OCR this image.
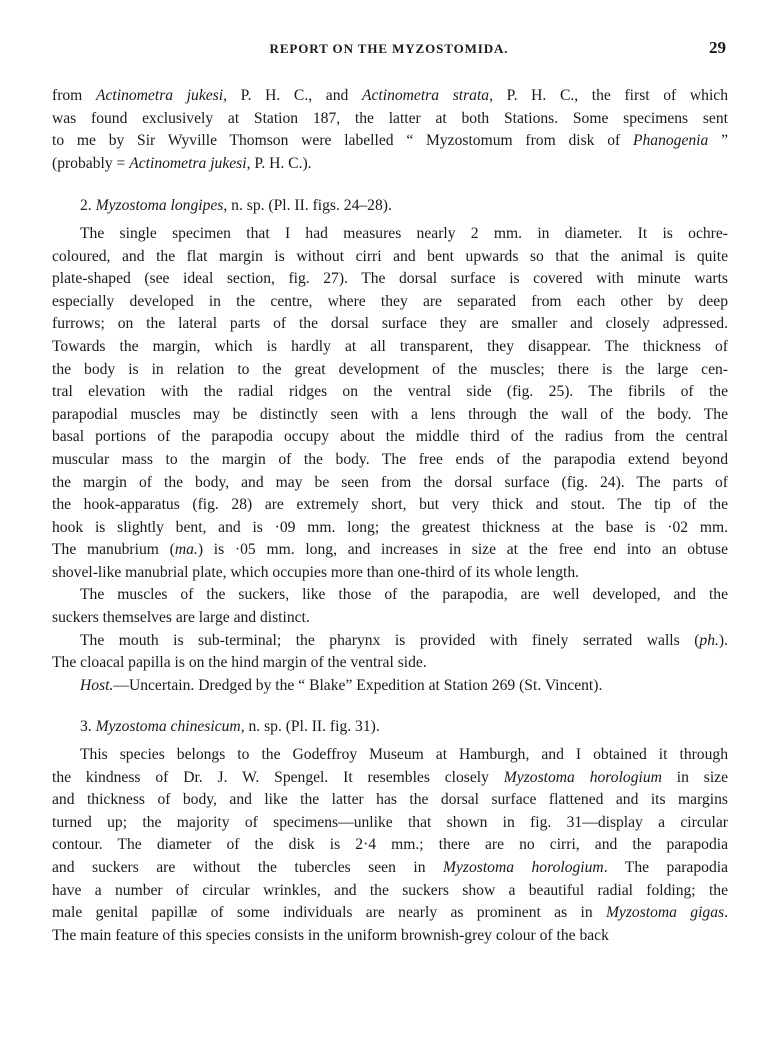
REPORT ON THE MYZOSTOMIDA.	29

from Actinometra jukesi, P. H. C., and Actinometra strata, P. H. C., the first of which
was found exclusively at Station 187, the latter at both Stations. Some specimens sent
to me by Sir Wyville Thomson were labelled “ Myzostomum from disk of Phanogenia ”
(probably = Actinometra jukesi, P. H. C.).

2. Myzostoma longipes, n. sp. (Pl. II. figs. 24–28).

The single specimen that I had measures nearly 2 mm. in diameter. It is ochre-
coloured, and the flat margin is without cirri and bent upwards so that the animal is quite
plate-shaped (see ideal section, fig. 27). The dorsal surface is covered with minute warts
especially developed in the centre, where they are separated from each other by deep
furrows; on the lateral parts of the dorsal surface they are smaller and closely adpressed.
Towards the margin, which is hardly at all transparent, they disappear. The thickness of
the body is in relation to the great development of the muscles; there is the large cen-
tral elevation with the radial ridges on the ventral side (fig. 25). The fibrils of the
parapodial muscles may be distinctly seen with a lens through the wall of the body. The
basal portions of the parapodia occupy about the middle third of the radius from the central
muscular mass to the margin of the body. The free ends of the parapodia extend beyond
the margin of the body, and may be seen from the dorsal surface (fig. 24). The parts of
the hook-apparatus (fig. 28) are extremely short, but very thick and stout. The tip of the
hook is slightly bent, and is ·09 mm. long; the greatest thickness at the base is ·02 mm.
The manubrium (ma.) is ·05 mm. long, and increases in size at the free end into an obtuse
shovel-like manubrial plate, which occupies more than one-third of its whole length.

The muscles of the suckers, like those of the parapodia, are well developed, and the
suckers themselves are large and distinct.

The mouth is sub-terminal; the pharynx is provided with finely serrated walls (ph.).
The cloacal papilla is on the hind margin of the ventral side.

Host.—Uncertain. Dredged by the “ Blake” Expedition at Station 269 (St. Vincent).

3. Myzostoma chinesicum, n. sp. (Pl. II. fig. 31).

This species belongs to the Godeffroy Museum at Hamburgh, and I obtained it through
the kindness of Dr. J. W. Spengel. It resembles closely Myzostoma horologium in size
and thickness of body, and like the latter has the dorsal surface flattened and its margins
turned up; the majority of specimens—unlike that shown in fig. 31—display a circular
contour. The diameter of the disk is 2·4 mm.; there are no cirri, and the parapodia
and suckers are without the tubercles seen in Myzostoma horologium. The parapodia
have a number of circular wrinkles, and the suckers show a beautiful radial folding; the
male genital papillæ of some individuals are nearly as prominent as in Myzostoma gigas.
The main feature of this species consists in the uniform brownish-grey colour of the back
